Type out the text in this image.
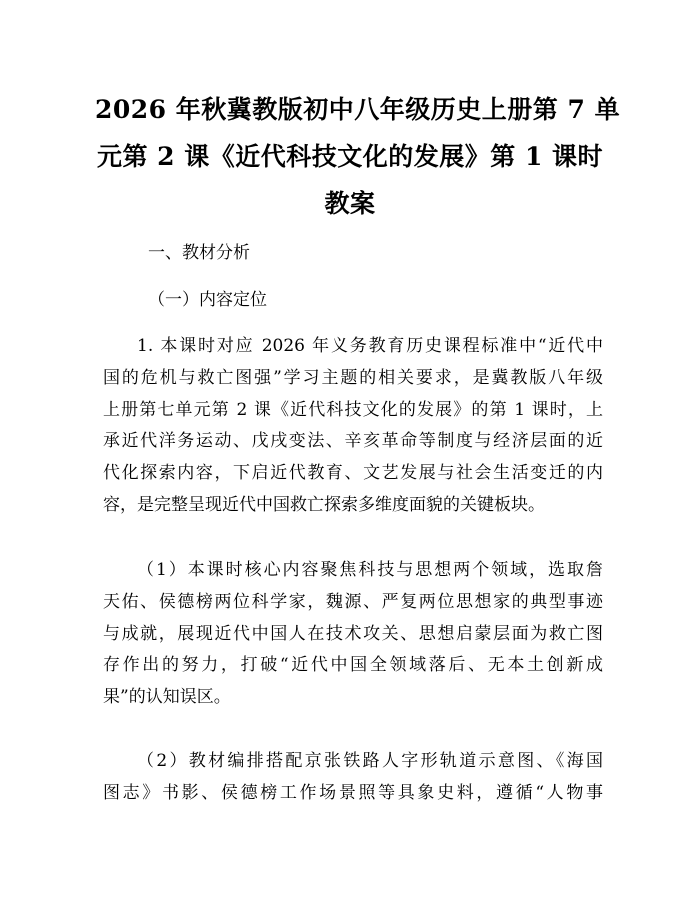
2026 年秋冀教版初中八年级历史上册第 7 单
元第 2 课《近代科技文化的发展》第 1 课时
教案
一、教材分析
（一）内容定位
1. 本课时对应 2026 年义务教育历史课程标准中“近代中
国的危机与救亡图强”学习主题的相关要求，是冀教版八年级
上册第七单元第 2 课《近代科技文化的发展》的第 1 课时，上
承近代洋务运动、戊戌变法、辛亥革命等制度与经济层面的近
代化探索内容，下启近代教育、文艺发展与社会生活变迁的内
容，是完整呈现近代中国救亡探索多维度面貌的关键板块。
（1）本课时核心内容聚焦科技与思想两个领域，选取詹
天佑、侯德榜两位科学家，魏源、严复两位思想家的典型事迹
与成就，展现近代中国人在技术攻关、思想启蒙层面为救亡图
存作出的努力，打破“近代中国全领域落后、无本土创新成
果”的认知误区。
（2）教材编排搭配京张铁路人字形轨道示意图、《海国
图志》书影、侯德榜工作场景照等具象史料，遵循“人物事
